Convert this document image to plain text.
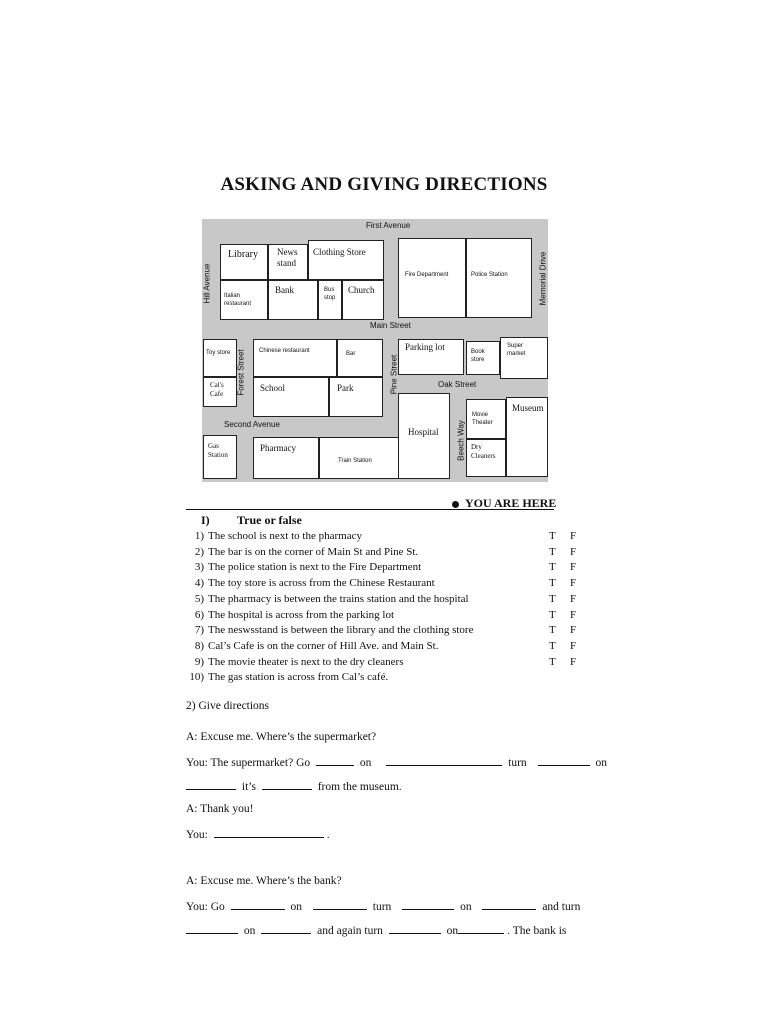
ASKING AND GIVING DIRECTIONS
First Avenue
Main Street
Oak Street
Second Avenue
Hill Avenue	Memorial Drive
Forest Street	Pine Street
Beech Way
Library News
stand
Clothing Store
Italian
restaurant
Bank	Bus
stop
Church
Fire Department	Police Station
Toy store
Cal's
Cafe
Chinese restaurant	Bar
School	Park
Parking lot	Book
store
Super
market
Hospital
Movie
Theater
Museum
Dry
Cleaners
Gas
Station
Pharmacy
Train Station
YOU ARE HERE
I) True or false
1) The school is next to the pharmacy	T F
2) The bar is on the corner of Main St and Pine St.	T F
3) The police station is next to the Fire Department	T F
4) The toy store is across from the Chinese Restaurant	T F
5) The pharmacy is between the trains station and the hospital	T F
6) The hospital is across from the parking lot	T F
7) The neswsstand is between the library and the clothing store	T F
8) Cal’s Cafe is on the corner of Hill Ave. and Main St.	T F
9) The movie theater is next to the dry cleaners	T F
10) The gas station is across from Cal’s café.
2) Give directions
A: Excuse me. Where’s the supermarket?
You: The supermarket? Go	on	turn	on
it’s	from the museum.
A: Thank you!
You:	.
A: Excuse me. Where’s the bank?
You: Go	on	turn	on	and turn
on	and again turn	on	. The bank is
